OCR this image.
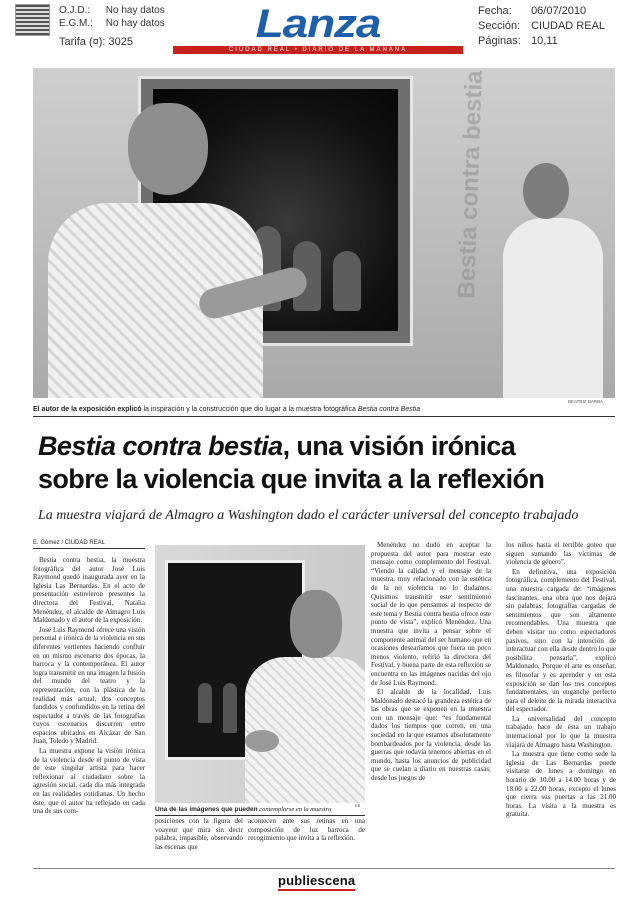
O.J.D.: No hay datos
E.G.M.: No hay datos
Tarifa (¤): 3025	Lanza
CIUDAD REAL • DIARIO DE LA MAÑANA
Fecha: 06/07/2010
Sección: CIUDAD REAL
Páginas: 10,11
Bestia contra bestia
BEATRIZ BARBA
El autor de la exposición explicó la inspiración y la construcción que dio lugar a la muestra fotográfica Bestia contra Bestia
Bestia contra bestia, una visión irónica
sobre la violencia que invita a la reflexión
La muestra viajará de Almagro a Washington dado el carácter universal del concepto trabajado
E. Gómez / CIUDAD REAL

Bestia contra bestia, la muestra fotográfica del autor José Luis Raymond quedó inaugurada ayer en la Iglesia Las Bernardas. En el acto de presentación estuvieron presentes la directora del Festival, Natalia Menéndez, el alcalde de Almagro Luis Maldonado y el autor de la exposición.

José Luis Raymond ofrece una visión personal e irónica de la violencia en sus diferentes vertientes haciendo confluir en un mismo escenario dos épocas, la barroca y la contemporánea. El autor logra transmitir en una imagen la fusión del mundo del teatro y la representación, con la plástica de la realidad más actual, dos conceptos fundidos y confundidos en la retina del espectador a través de las fotografías cuyos escenarios discurren entre espacios ubicados en Alcázar de San Juan, Toledo y Madrid.

La muestra expone la visión irónica de la violencia desde el punto de vista de este singular artista para hacer reflexionar al ciudadano sobre la agresión social, cada día más integrada en las realidades cotidianas. Un hecho éste, que el autor ha reflejado en cada una de sus com-

EB
Una de las imágenes que pueden contemplarse en la muestra

posiciones con la figura del voayeur que mira sin decir palabra, impasible, observando las escenas que

acontecen ante sus retinas en una composición de luz barroca de recogimiento que invita a la reflexión.

Menéndez no dudó en aceptar la propuesta del autor para mostrar este mensaje como complemento del Festival. “Viendo la calidad y el mensaje de la muestra, muy relacionado con la estética de la no violencia no lo dudamos. Quisimos transmitir este sentimiento social de lo que pensamos al respecto de este tema y Bestia contra bestia ofrece este punto de vista”, explicó Menéndez. Una muestra que invita a pensar sobre el componente animal del ser humano que en ocasiones desearíamos que fuera un poco menos violento, refirió la directora del Festival, y buena parte de esta reflexión se encuentra en las imágenes nacidas del ojo de José Luis Raymond.

El alcalde de la localidad, Luis Maldonado destacó la grandeza estética de las obras que se exponen en la muestra con un mensaje que: “es fundamental dados los tiempos que corren, en una sociedad en la que estamos absolutamente bombardeados por la violencia, desde las guerras que todavía tenemos abiertas en el mundo, hasta los anuncios de publicidad que se cuelan a diario en nuestras casas; desde los juegos de

los niños hasta el terrible goteo que siguen sumando las víctimas de violencia de género”.

En definitiva, una exposición fotográfica, complemento del Festival, una muestra cargada de: “imágenes fascinantes, una obra que nos dejará sin palabras; fotografías cargadas de sentimientos que son altamente recomendables. Una muestra que deben visitar no como espectadores pasivos, sino con la intención de interactuar con ella desde dentro lo que posibilita pensarla”, explicó Maldonado. Porque el arte es enseñar, es filosofar y es aprender y en esta exposición se dan los tres conceptos fundamentales, un enganche perfecto para el deleite de la mirada interactiva del espectador.

La universalidad del concepto trabajado hace de ésta un trabajo internacional por lo que la muestra viajará de Almagro hasta Washington.

La muestra que tiene como sede la Iglesia de Las Bernardas puede visitarse de lunes a domingo en horario de 10.00 a 14.00 horas y de 18.00 a 22.00 horas, excepto el lunes que cierra sus puertas a las 21.00 horas. La visita a la muestra es gratuita.

publiescena
